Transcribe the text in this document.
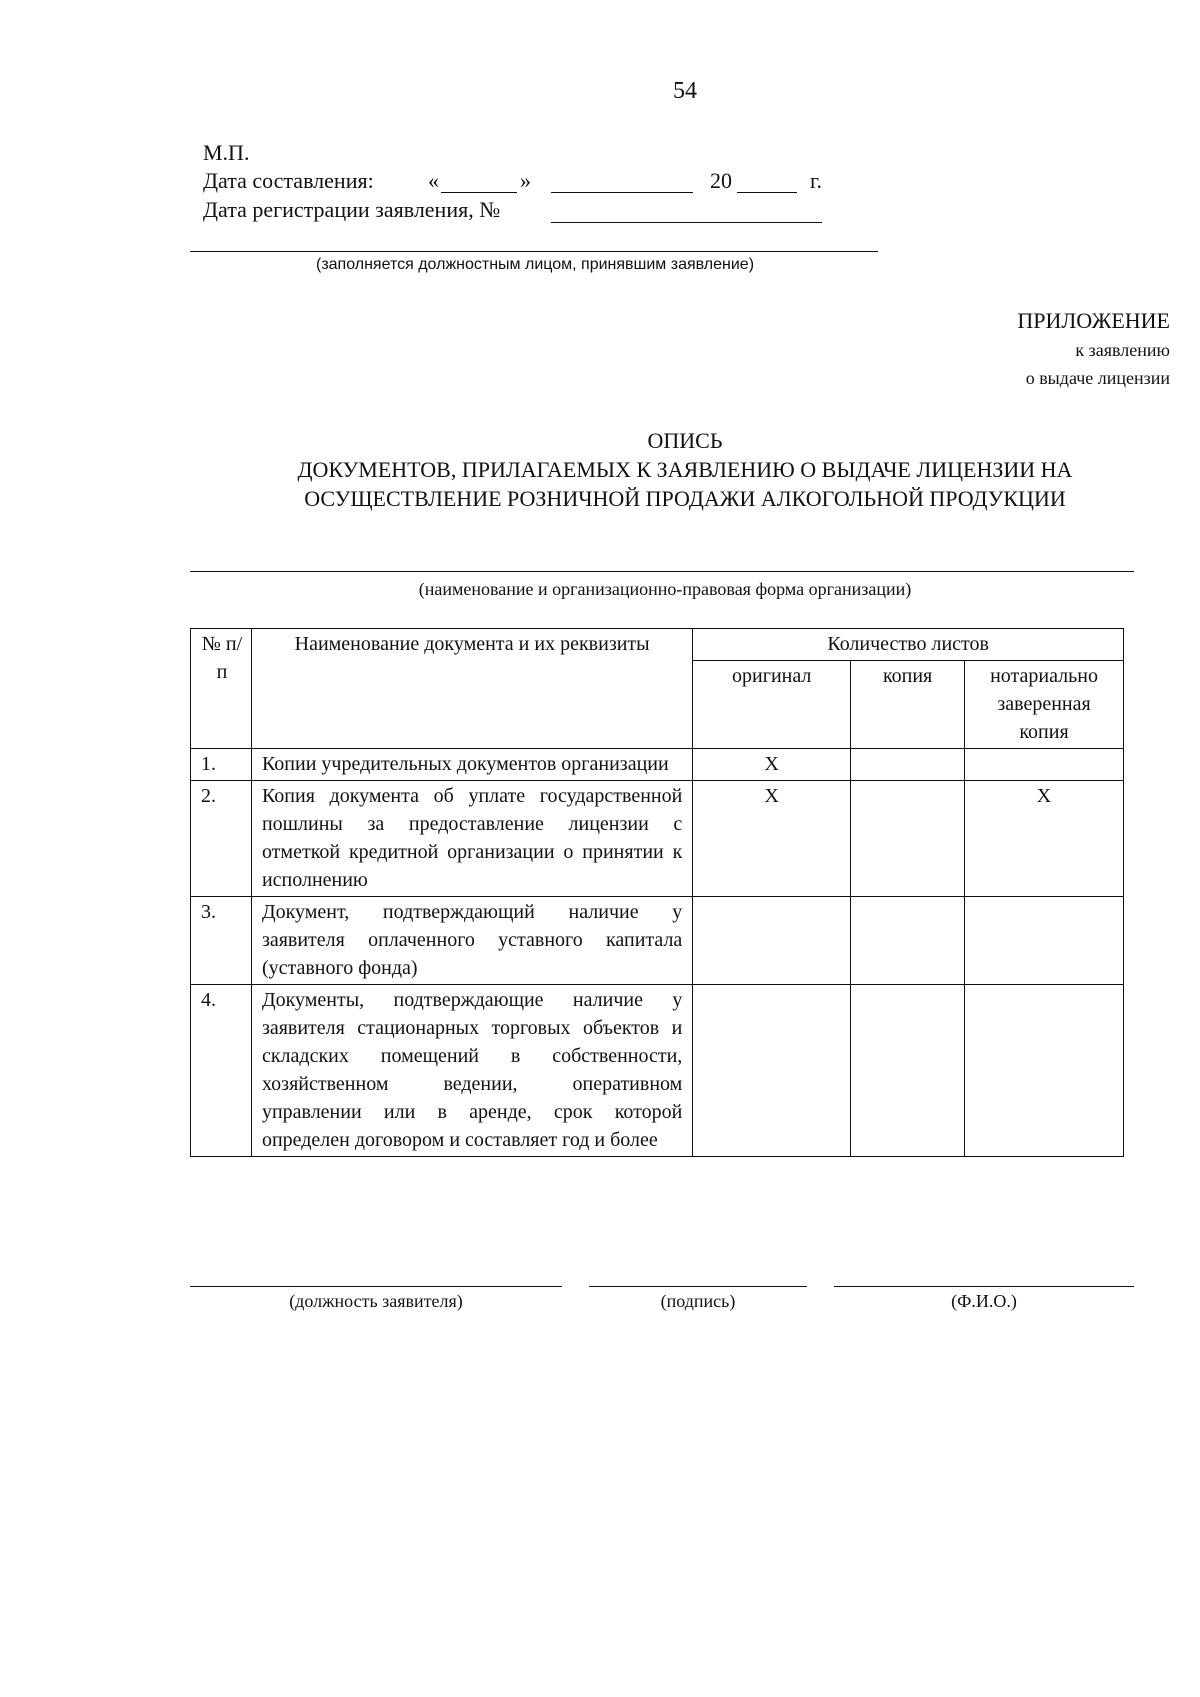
54
М.П.
Дата составления: «	»	20	г.
Дата регистрации заявления, №
(заполняется должностным лицом, принявшим заявление)
ПРИЛОЖЕНИЕ
к заявлению
о выдаче лицензии
ОПИСЬ
ДОКУМЕНТОВ, ПРИЛАГАЕМЫХ К ЗАЯВЛЕНИЮ О ВЫДАЧЕ ЛИЦЕНЗИИ НА
ОСУЩЕСТВЛЕНИЕ РОЗНИЧНОЙ ПРОДАЖИ АЛКОГОЛЬНОЙ ПРОДУКЦИИ
(наименование и организационно-правовая форма организации)
№ п/п	Наименование документа и их реквизиты	Количество листов		
		оригинал	копия	нотариально заверенная копия
1.	Копии учредительных документов организации	X		
2.	Копия документа об уплате государственной пошлины за предоставление лицензии с отметкой кредитной организации о принятии к исполнению	X		X
3.	Документ, подтверждающий наличие у заявителя оплаченного уставного капитала (уставного фонда)			
4.	Документы, подтверждающие наличие у заявителя стационарных торговых объектов и складских помещений в собственности, хозяйственном ведении, оперативном управлении или в аренде, срок которой определен договором и составляет год и более			
(должность заявителя)	(подпись)	(Ф.И.О.)
